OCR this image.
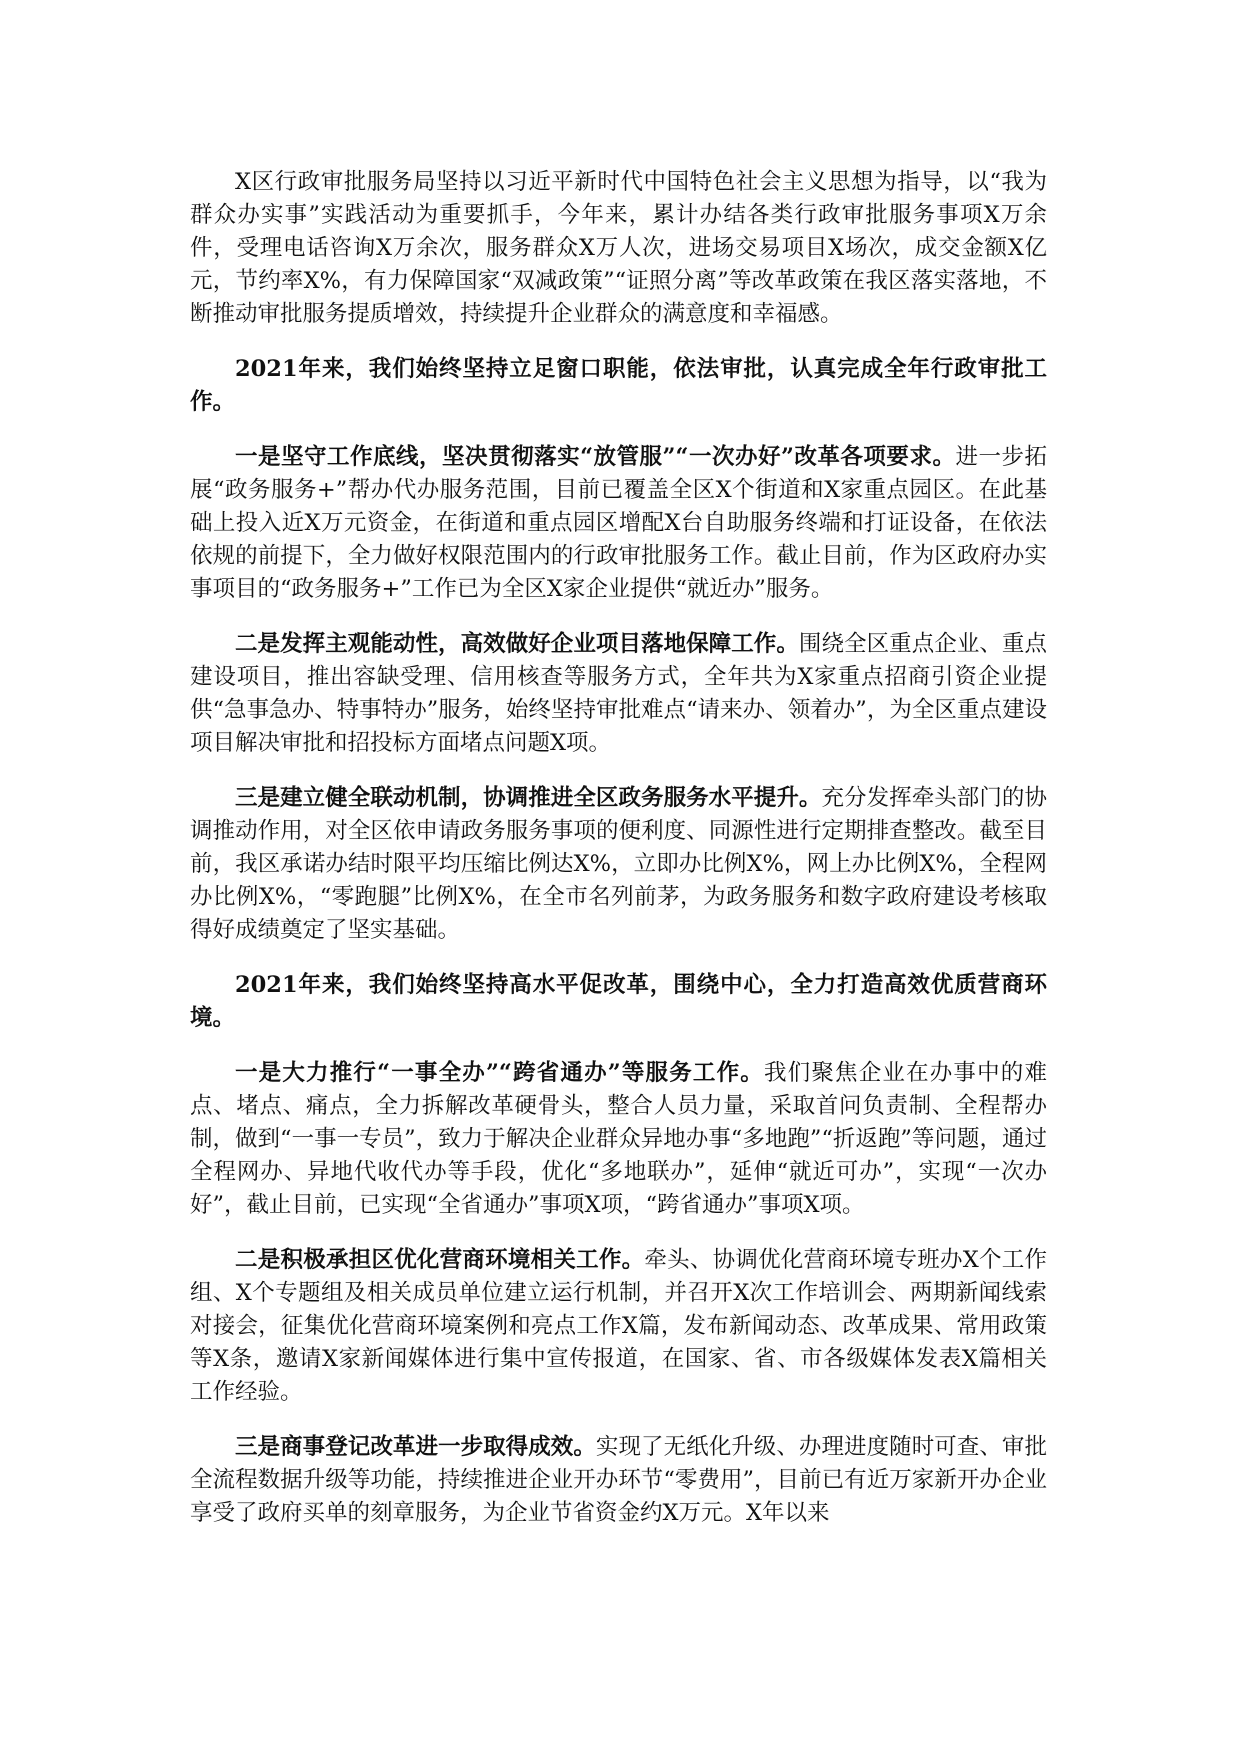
X区行政审批服务局坚持以习近平新时代中国特色社会主义思想为指导，以“我为群众办实事”实践活动为重要抓手，今年来，累计办结各类行政审批服务事项X万余件，受理电话咨询X万余次，服务群众X万人次，进场交易项目X场次，成交金额X亿元，节约率X%，有力保障国家“双减政策”“证照分离”等改革政策在我区落实落地，不断推动审批服务提质增效，持续提升企业群众的满意度和幸福感。

2021年来，我们始终坚持立足窗口职能，依法审批，认真完成全年行政审批工作。

一是坚守工作底线，坚决贯彻落实“放管服”“一次办好”改革各项要求。进一步拓展“政务服务+”帮办代办服务范围，目前已覆盖全区X个街道和X家重点园区。在此基础上投入近X万元资金，在街道和重点园区增配X台自助服务终端和打证设备，在依法依规的前提下，全力做好权限范围内的行政审批服务工作。截止目前，作为区政府办实事项目的“政务服务+”工作已为全区X家企业提供“就近办”服务。

二是发挥主观能动性，高效做好企业项目落地保障工作。围绕全区重点企业、重点建设项目，推出容缺受理、信用核查等服务方式，全年共为X家重点招商引资企业提供“急事急办、特事特办”服务，始终坚持审批难点“请来办、领着办”，为全区重点建设项目解决审批和招投标方面堵点问题X项。

三是建立健全联动机制，协调推进全区政务服务水平提升。充分发挥牵头部门的协调推动作用，对全区依申请政务服务事项的便利度、同源性进行定期排查整改。截至目前，我区承诺办结时限平均压缩比例达X%，立即办比例X%，网上办比例X%，全程网办比例X%，“零跑腿”比例X%，在全市名列前茅，为政务服务和数字政府建设考核取得好成绩奠定了坚实基础。

2021年来，我们始终坚持高水平促改革，围绕中心，全力打造高效优质营商环境。

一是大力推行“一事全办”“跨省通办”等服务工作。我们聚焦企业在办事中的难点、堵点、痛点，全力拆解改革硬骨头，整合人员力量，采取首问负责制、全程帮办制，做到“一事一专员”，致力于解决企业群众异地办事“多地跑”“折返跑”等问题，通过全程网办、异地代收代办等手段，优化“多地联办”，延伸“就近可办”，实现“一次办好”，截止目前，已实现“全省通办”事项X项，“跨省通办”事项X项。

二是积极承担区优化营商环境相关工作。牵头、协调优化营商环境专班办X个工作组、X个专题组及相关成员单位建立运行机制，并召开X次工作培训会、两期新闻线索对接会，征集优化营商环境案例和亮点工作X篇，发布新闻动态、改革成果、常用政策等X条，邀请X家新闻媒体进行集中宣传报道，在国家、省、市各级媒体发表X篇相关工作经验。

三是商事登记改革进一步取得成效。实现了无纸化升级、办理进度随时可查、审批全流程数据升级等功能，持续推进企业开办环节“零费用”，目前已有近万家新开办企业享受了政府买单的刻章服务，为企业节省资金约X万元。X年以来
